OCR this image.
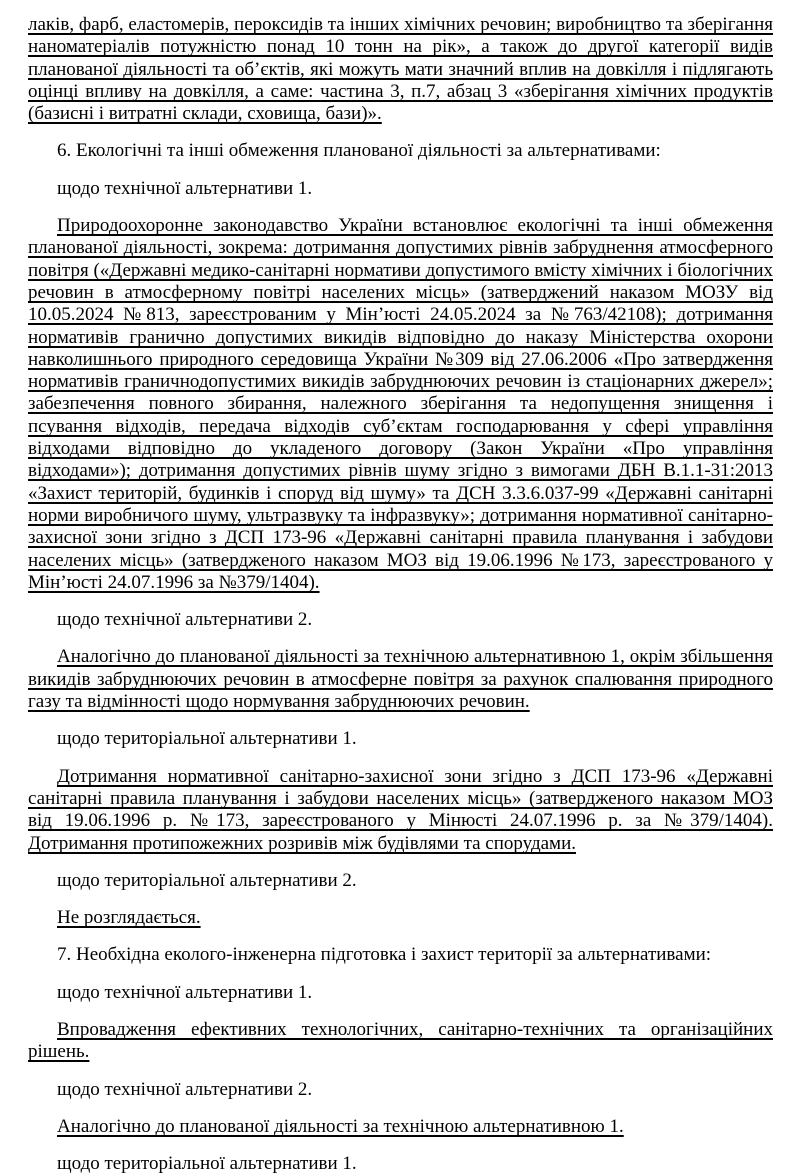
лаків, фарб, еластомерів, пероксидів та інших хімічних речовин; виробництво та зберігання наноматеріалів потужністю понад 10 тонн на рік», а також до другої категорії видів планованої діяльності та об’єктів, які можуть мати значний вплив на довкілля і підлягають оцінці впливу на довкілля, а саме: частина 3, п.7, абзац 3 «зберігання хімічних продуктів (базисні і витратні склади, сховища, бази)».

6. Екологічні та інші обмеження планованої діяльності за альтернативами:

щодо технічної альтернативи 1.

Природоохоронне законодавство України встановлює екологічні та інші обмеження планованої діяльності, зокрема: дотримання допустимих рівнів забруднення атмосферного повітря («Державні медико-санітарні нормативи допустимого вмісту хімічних і біологічних речовин в атмосферному повітрі населених місць» (затверджений наказом МОЗУ від 10.05.2024 №813, зареєстрованим у Мін’юсті 24.05.2024 за №763/42108); дотримання нормативів гранично допустимих викидів відповідно до наказу Міністерства охорони навколишнього природного середовища України №309 від 27.06.2006 «Про затвердження нормативів граничнодопустимих викидів забруднюючих речовин із стаціонарних джерел»; забезпечення повного збирання, належного зберігання та недопущення знищення і псування відходів, передача відходів суб’єктам господарювання у сфері управління відходами відповідно до укладеного договору (Закон України «Про управління відходами»); дотримання допустимих рівнів шуму згідно з вимогами ДБН В.1.1-31:2013 «Захист територій, будинків і споруд від шуму» та ДСН 3.3.6.037-99 «Державні санітарні норми виробничого шуму, ультразвуку та інфразвуку»; дотримання нормативної санітарно-захисної зони згідно з ДСП 173-96 «Державні санітарні правила планування і забудови населених місць» (затвердженого наказом МОЗ від 19.06.1996 №173, зареєстрованого у Мін’юсті 24.07.1996 за №379/1404).

щодо технічної альтернативи 2.

Аналогічно до планованої діяльності за технічною альтернативною 1, окрім збільшення викидів забруднюючих речовин в атмосферне повітря за рахунок спалювання природного газу та відмінності щодо нормування забруднюючих речовин.

щодо територіальної альтернативи 1.

Дотримання нормативної санітарно-захисної зони згідно з ДСП 173-96 «Державні санітарні правила планування і забудови населених місць» (затвердженого наказом МОЗ від 19.06.1996 р. №173, зареєстрованого у Мінюсті 24.07.1996 р. за №379/1404). Дотримання протипожежних розривів між будівлями та спорудами.

щодо територіальної альтернативи 2.

Не розглядається.

7. Необхідна еколого-інженерна підготовка і захист території за альтернативами:

щодо технічної альтернативи 1.

Впровадження ефективних технологічних, санітарно-технічних та організаційних рішень.

щодо технічної альтернативи 2.

Аналогічно до планованої діяльності за технічною альтернативною 1.

щодо територіальної альтернативи 1.
